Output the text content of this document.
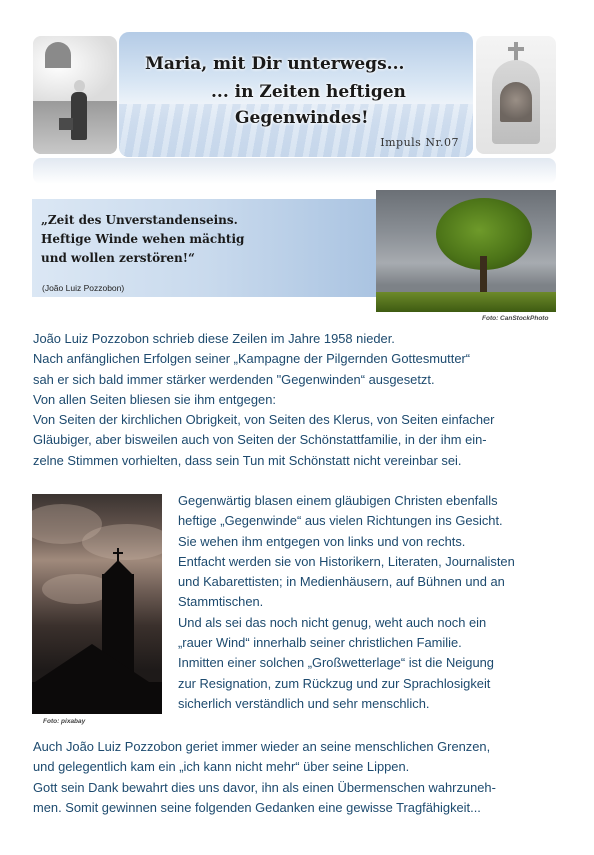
Maria, mit Dir unterwegs...
... in Zeiten heftigen
Gegenwindes!
Impuls Nr.07
„Zeit des Unverstandenseins.
Heftige Winde wehen mächtig
und wollen zerstören!“
(João Luiz Pozzobon)
Foto: CanStockPhoto
João Luiz Pozzobon schrieb diese Zeilen im Jahre 1958 nieder.
Nach anfänglichen Erfolgen seiner „Kampagne der Pilgernden Gottesmutter“
sah er sich bald immer stärker werdenden "Gegenwinden“ ausgesetzt.
Von allen Seiten bliesen sie ihm entgegen:
Von Seiten der kirchlichen Obrigkeit, von Seiten des Klerus, von Seiten einfacher
Gläubiger, aber bisweilen auch von Seiten der Schönstattfamilie, in der ihm ein-
zelne Stimmen vorhielten, dass sein Tun mit Schönstatt nicht vereinbar sei.
Foto: pixabay
Gegenwärtig blasen einem gläubigen Christen ebenfalls
heftige „Gegenwinde“ aus vielen Richtungen ins Gesicht.
Sie wehen ihm entgegen von links und von rechts.
Entfacht werden sie von Historikern, Literaten, Journalisten
und Kabarettisten; in Medienhäusern, auf Bühnen und an
Stammtischen.
Und als sei das noch nicht genug, weht auch noch ein
„rauer Wind“ innerhalb seiner christlichen Familie.
Inmitten einer solchen „Großwetterlage“ ist die Neigung
zur Resignation, zum Rückzug und zur Sprachlosigkeit
sicherlich verständlich und sehr menschlich.
Auch João Luiz Pozzobon geriet immer wieder an seine menschlichen Grenzen,
und gelegentlich kam ein „ich kann nicht mehr“ über seine Lippen.
Gott sein Dank bewahrt dies uns davor, ihn als einen Übermenschen wahrzuneh-
men. Somit gewinnen seine folgenden Gedanken eine gewisse Tragfähigkeit...
